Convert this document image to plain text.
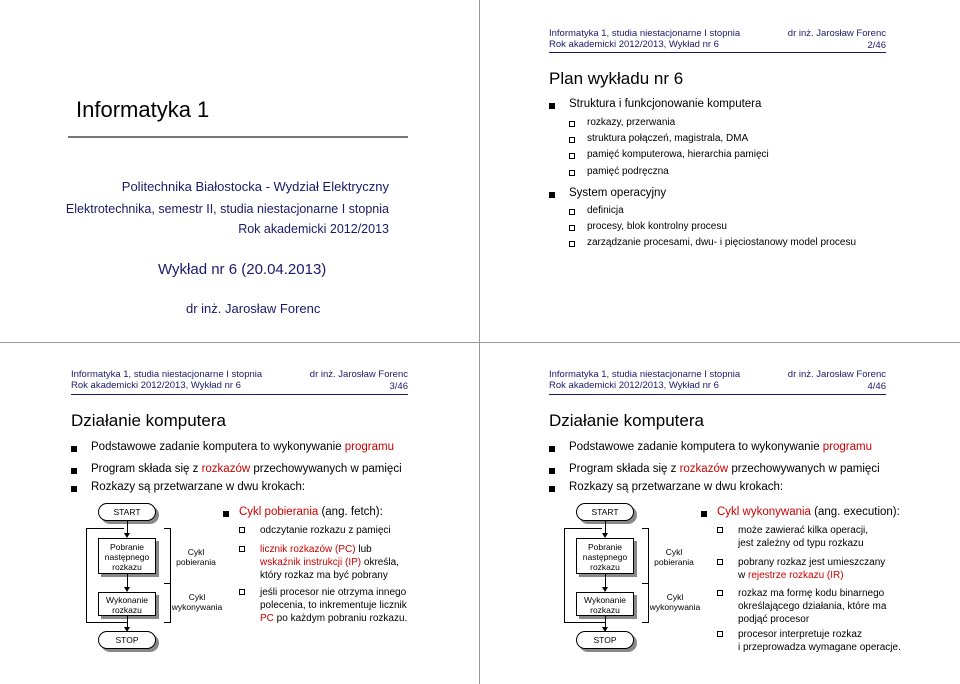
Informatyka 1
Politechnika Białostocka - Wydział Elektryczny
Elektrotechnika, semestr II, studia niestacjonarne I stopnia
Rok akademicki 2012/2013
Wykład nr 6 (20.04.2013)
dr inż. Jarosław Forenc
Informatyka 1, studia niestacjonarne I stopnia
Rok akademicki 2012/2013, Wykład nr 6
dr inż. Jarosław Forenc
2/46
Plan wykładu nr 6
Struktura i funkcjonowanie komputera
rozkazy, przerwania
struktura połączeń, magistrala, DMA
pamięć komputerowa, hierarchia pamięci
pamięć podręczna
System operacyjny
definicja
procesy, blok kontrolny procesu
zarządzanie procesami, dwu- i pięciostanowy model procesu
Informatyka 1, studia niestacjonarne I stopnia
Rok akademicki 2012/2013, Wykład nr 6
dr inż. Jarosław Forenc
3/46
Działanie komputera
Podstawowe zadanie komputera to wykonywanie programu
Program składa się z rozkazów przechowywanych w pamięci
Rozkazy są przetwarzane w dwu krokach:
Cykl pobierania (ang. fetch):
odczytanie rozkazu z pamięci
licznik rozkazów (PC) lub
wskaźnik instrukcji (IP) określa,
który rozkaz ma być pobrany
jeśli procesor nie otrzyma innego
polecenia, to inkrementuje licznik
PC po każdym pobraniu rozkazu.
Informatyka 1, studia niestacjonarne I stopnia
Rok akademicki 2012/2013, Wykład nr 6
dr inż. Jarosław Forenc
4/46
Działanie komputera
Podstawowe zadanie komputera to wykonywanie programu
Program składa się z rozkazów przechowywanych w pamięci
Rozkazy są przetwarzane w dwu krokach:
Cykl wykonywania (ang. execution):
może zawierać kilka operacji,
jest zależny od typu rozkazu
pobrany rozkaz jest umieszczany
w rejestrze rozkazu (IR)
rozkaz ma formę kodu binarnego
określającego działania, które ma
podjąć procesor
procesor interpretuje rozkaz
i przeprowadza wymagane operacje.
START
Pobranie
następnego
rozkazu
Wykonanie
rozkazu
STOP
Cykl
pobierania
Cykl
wykonywania
START
Pobranie
następnego
rozkazu
Wykonanie
rozkazu
STOP
Cykl
pobierania
Cykl
wykonywania
